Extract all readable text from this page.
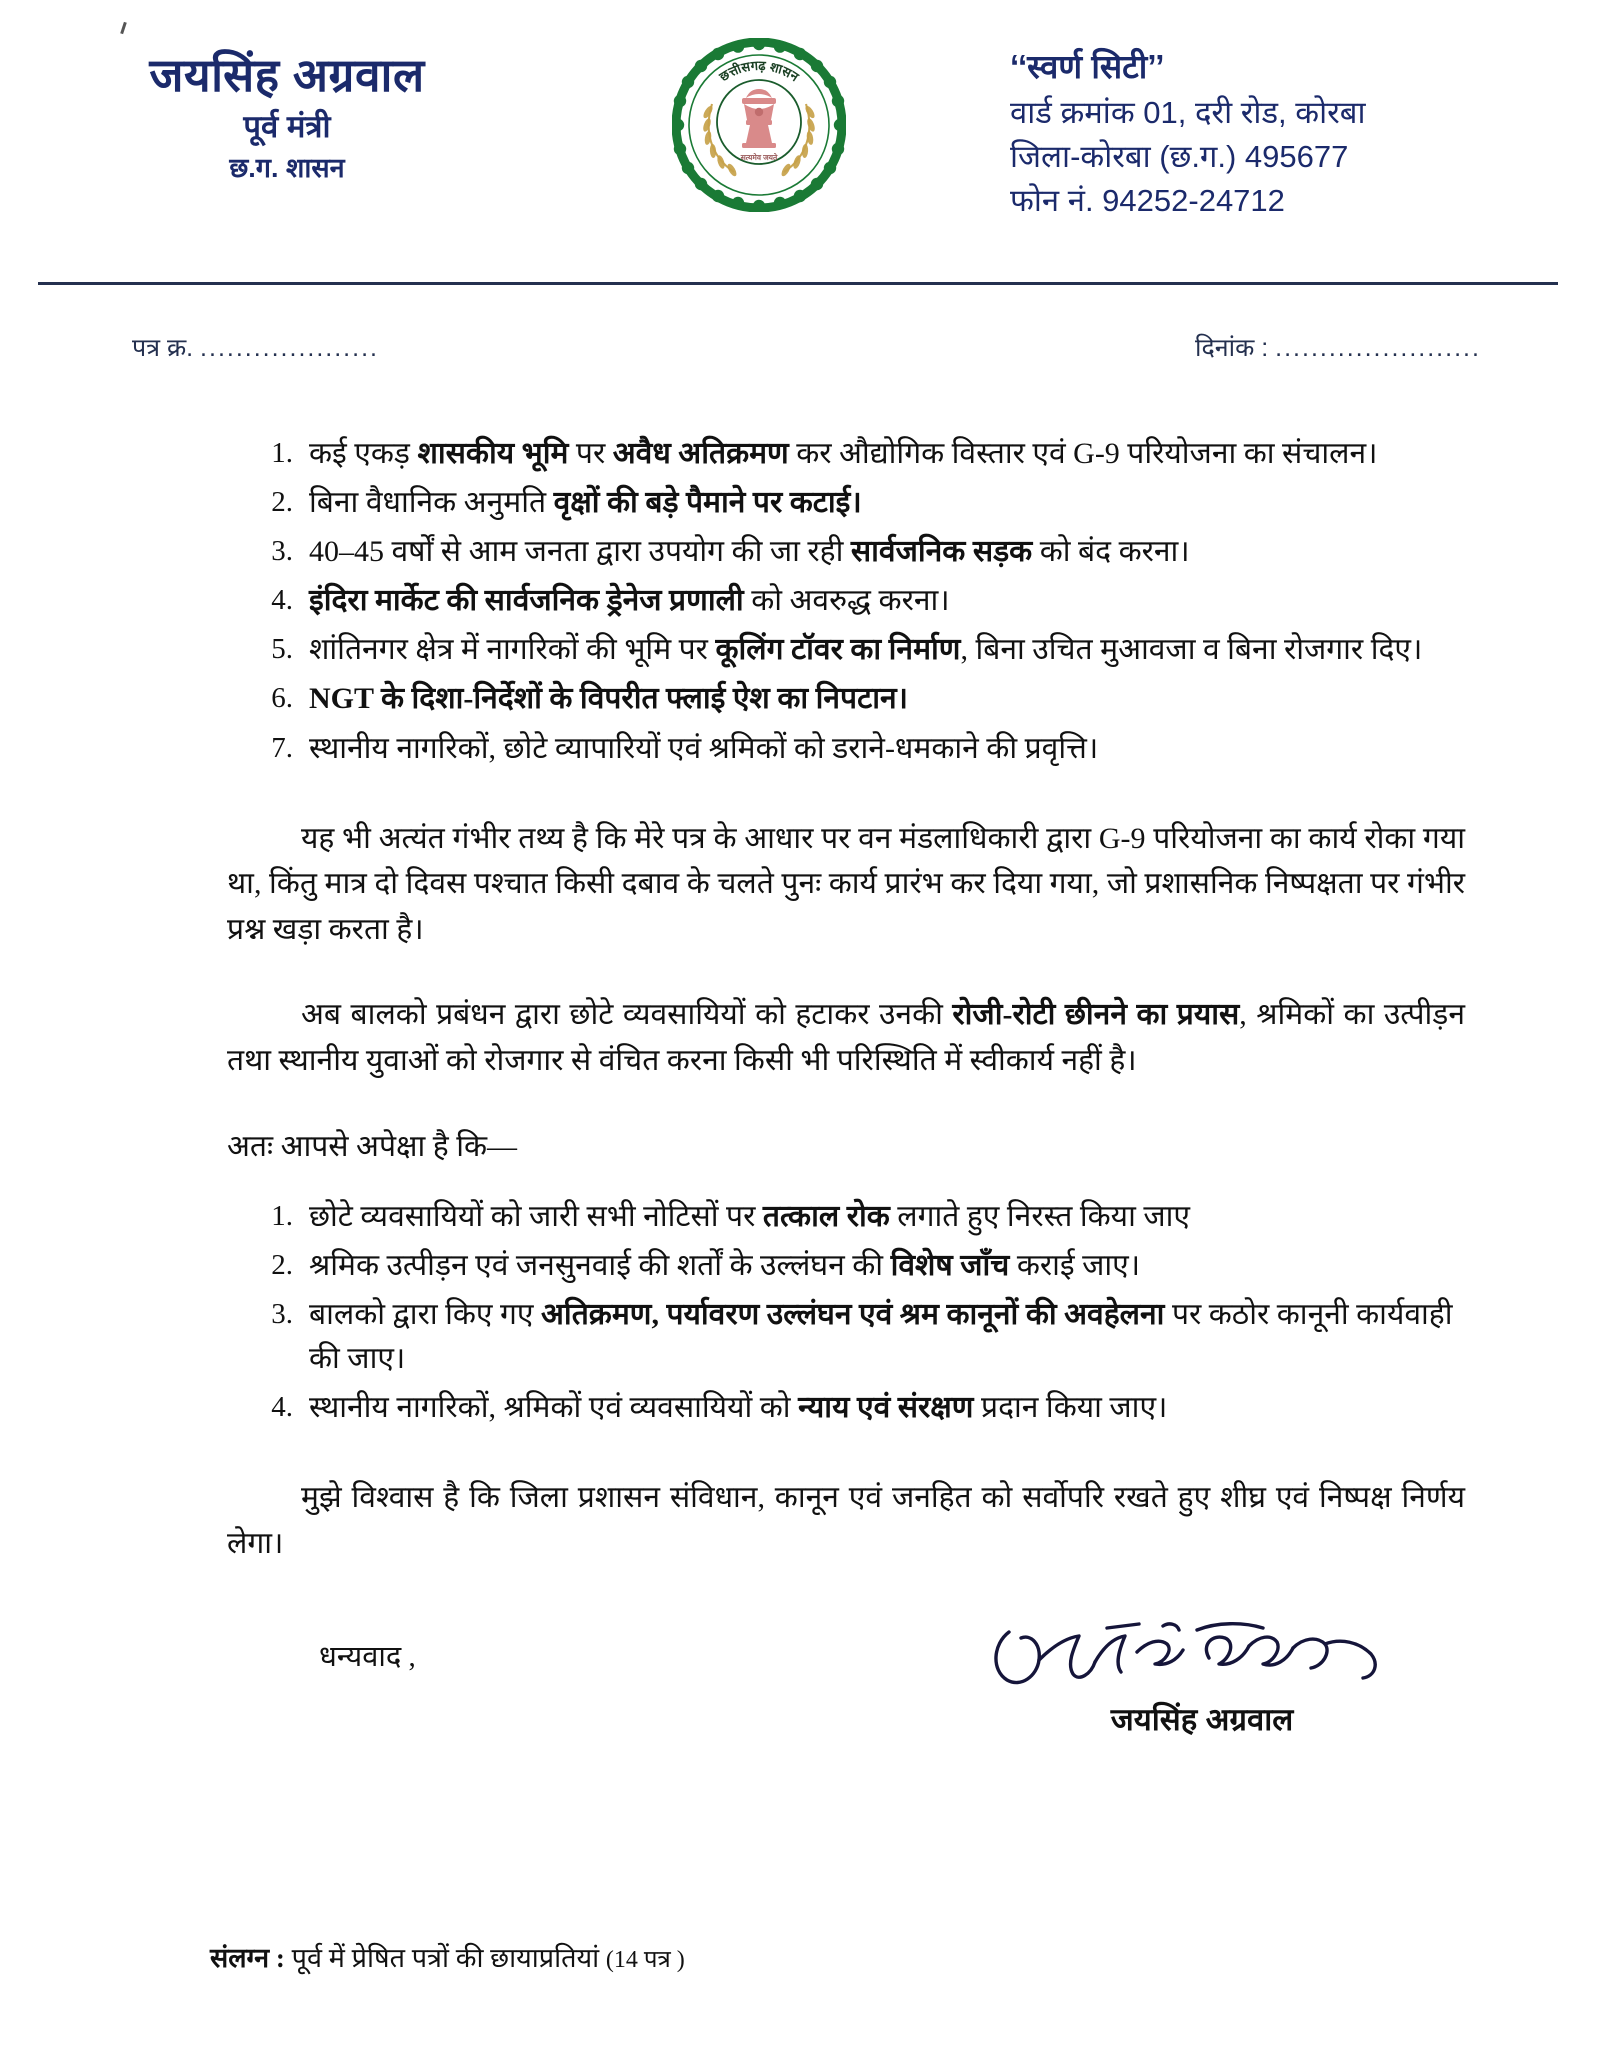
जयसिंह अग्रवाल
पूर्व मंत्री
छ.ग. शासन
छत्तीसगढ़ शासन
सत्यमेव जयते
‘‘स्वर्ण सिटी’’
वार्ड क्रमांक 01, दरी रोड, कोरबा
जिला-कोरबा (छ.ग.) 495677
फोन नं. 94252-24712
पत्र क्र. ....................	दिनांक : .......................
कई एकड़ शासकीय भूमि पर अवैध अतिक्रमण कर औद्योगिक विस्तार एवं G-9 परियोजना का संचालन।
बिना वैधानिक अनुमति वृक्षों की बड़े पैमाने पर कटाई।
40–45 वर्षों से आम जनता द्वारा उपयोग की जा रही सार्वजनिक सड़क को बंद करना।
इंदिरा मार्केट की सार्वजनिक ड्रेनेज प्रणाली को अवरुद्ध करना।
शांतिनगर क्षेत्र में नागरिकों की भूमि पर कूलिंग टॉवर का निर्माण, बिना उचित मुआवजा व बिना रोजगार दिए।
NGT के दिशा-निर्देशों के विपरीत फ्लाई ऐश का निपटान।
स्थानीय नागरिकों, छोटे व्यापारियों एवं श्रमिकों को डराने-धमकाने की प्रवृत्ति।

यह भी अत्यंत गंभीर तथ्य है कि मेरे पत्र के आधार पर वन मंडलाधिकारी द्वारा G-9 परियोजना का कार्य रोका गया था, किंतु मात्र दो दिवस पश्चात किसी दबाव के चलते पुनः कार्य प्रारंभ कर दिया गया, जो प्रशासनिक निष्पक्षता पर गंभीर प्रश्न खड़ा करता है।

अब बालको प्रबंधन द्वारा छोटे व्यवसायियों को हटाकर उनकी रोजी-रोटी छीनने का प्रयास, श्रमिकों का उत्पीड़न तथा स्थानीय युवाओं को रोजगार से वंचित करना किसी भी परिस्थिति में स्वीकार्य नहीं है।

अतः आपसे अपेक्षा है कि—

छोटे व्यवसायियों को जारी सभी नोटिसों पर तत्काल रोक लगाते हुए निरस्त किया जाए
श्रमिक उत्पीड़न एवं जनसुनवाई की शर्तों के उल्लंघन की विशेष जाँच कराई जाए।
बालको द्वारा किए गए अतिक्रमण, पर्यावरण उल्लंघन एवं श्रम कानूनों की अवहेलना पर कठोर कानूनी कार्यवाही की जाए।
स्थानीय नागरिकों, श्रमिकों एवं व्यवसायियों को न्याय एवं संरक्षण प्रदान किया जाए।

मुझे विश्वास है कि जिला प्रशासन संविधान, कानून एवं जनहित को सर्वोपरि रखते हुए शीघ्र एवं निष्पक्ष निर्णय लेगा।

धन्यवाद ,
जयसिंह अग्रवाल
संलग्न : पूर्व में प्रेषित पत्रों की छायाप्रतियां (14 पत्र )
